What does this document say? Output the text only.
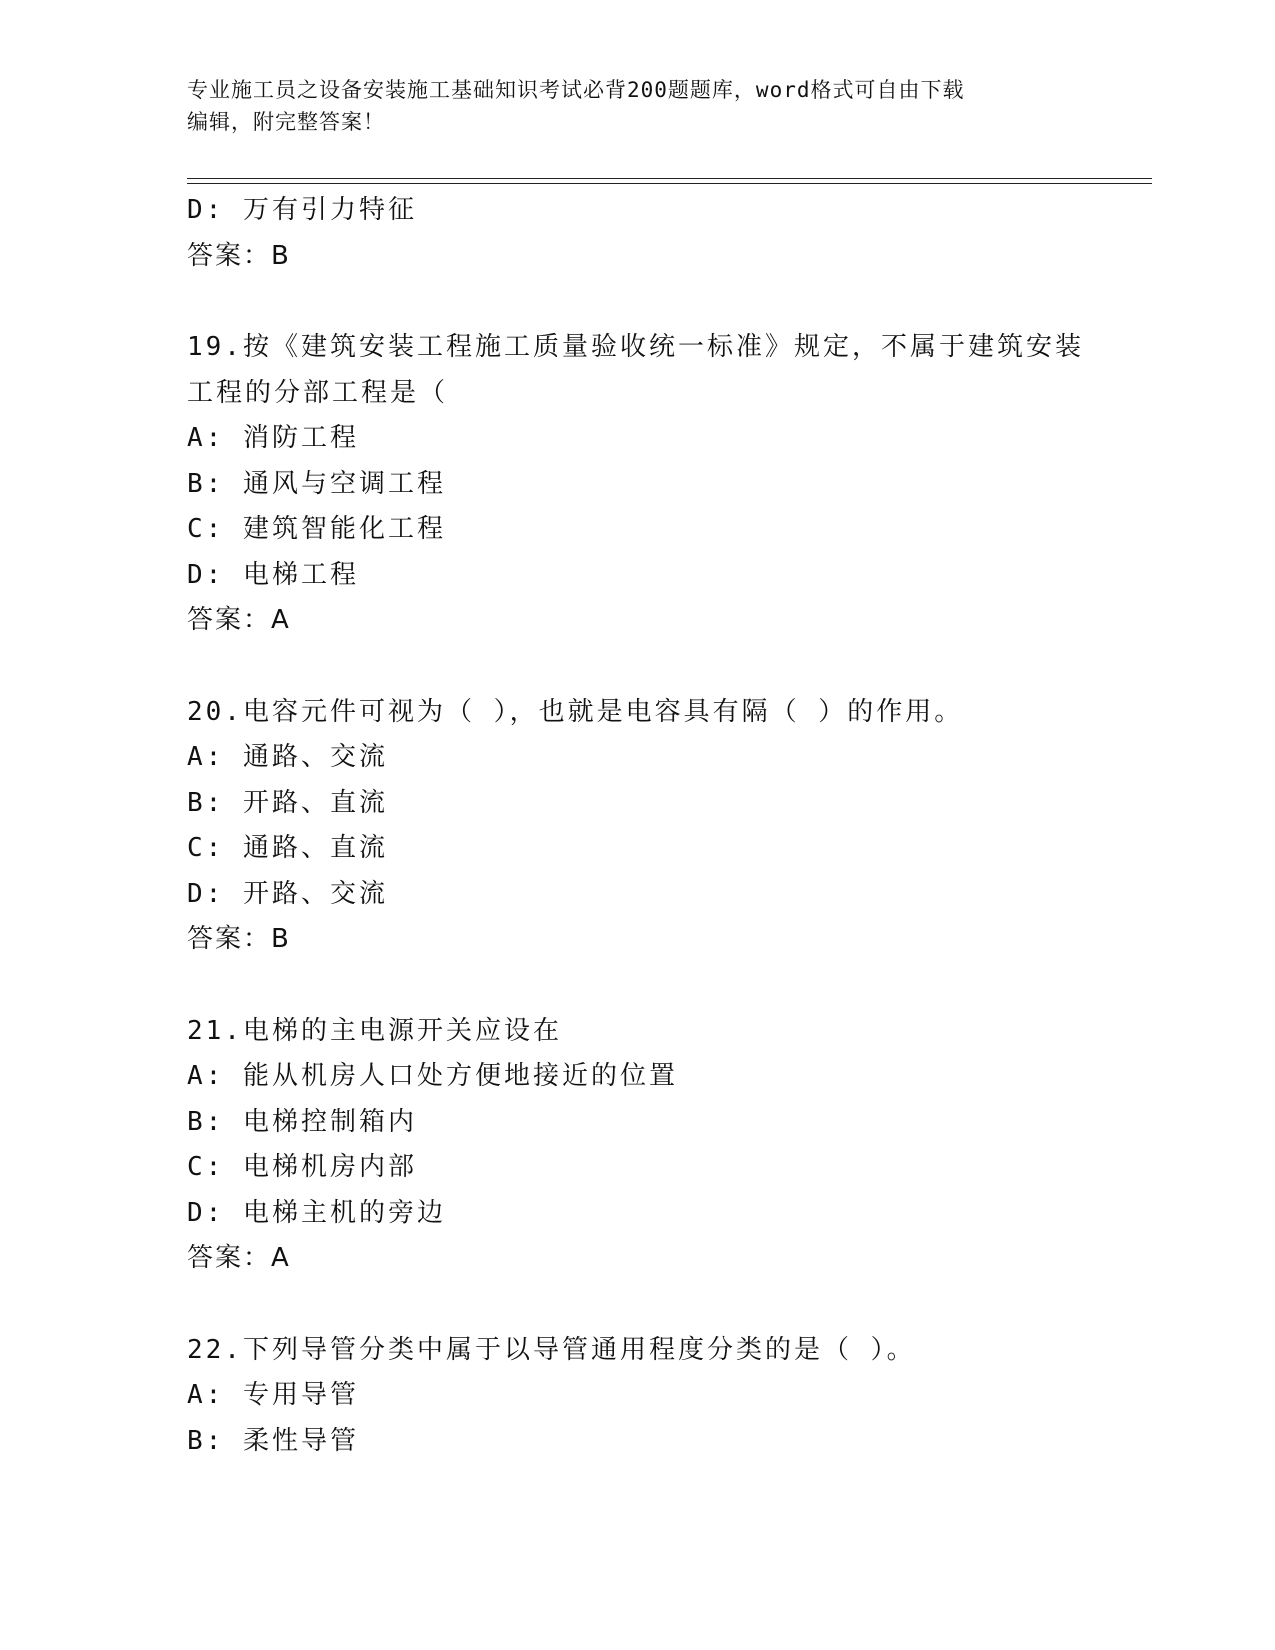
专业施工员之设备安装施工基础知识考试必背200题题库，word格式可自由下载
编辑，附完整答案！
D: 万有引力特征
答案：B
19.按《建筑安装工程施工质量验收统一标准》规定，不属于建筑安装
工程的分部工程是（
A: 消防工程
B: 通风与空调工程
C: 建筑智能化工程
D: 电梯工程
答案：A
20.电容元件可视为（ ），也就是电容具有隔（ ）的作用。
A: 通路、交流
B: 开路、直流
C: 通路、直流
D: 开路、交流
答案：B
21.电梯的主电源开关应设在
A: 能从机房人口处方便地接近的位置
B: 电梯控制箱内
C: 电梯机房内部
D: 电梯主机的旁边
答案：A
22.下列导管分类中属于以导管通用程度分类的是（ ）。
A: 专用导管
B: 柔性导管
